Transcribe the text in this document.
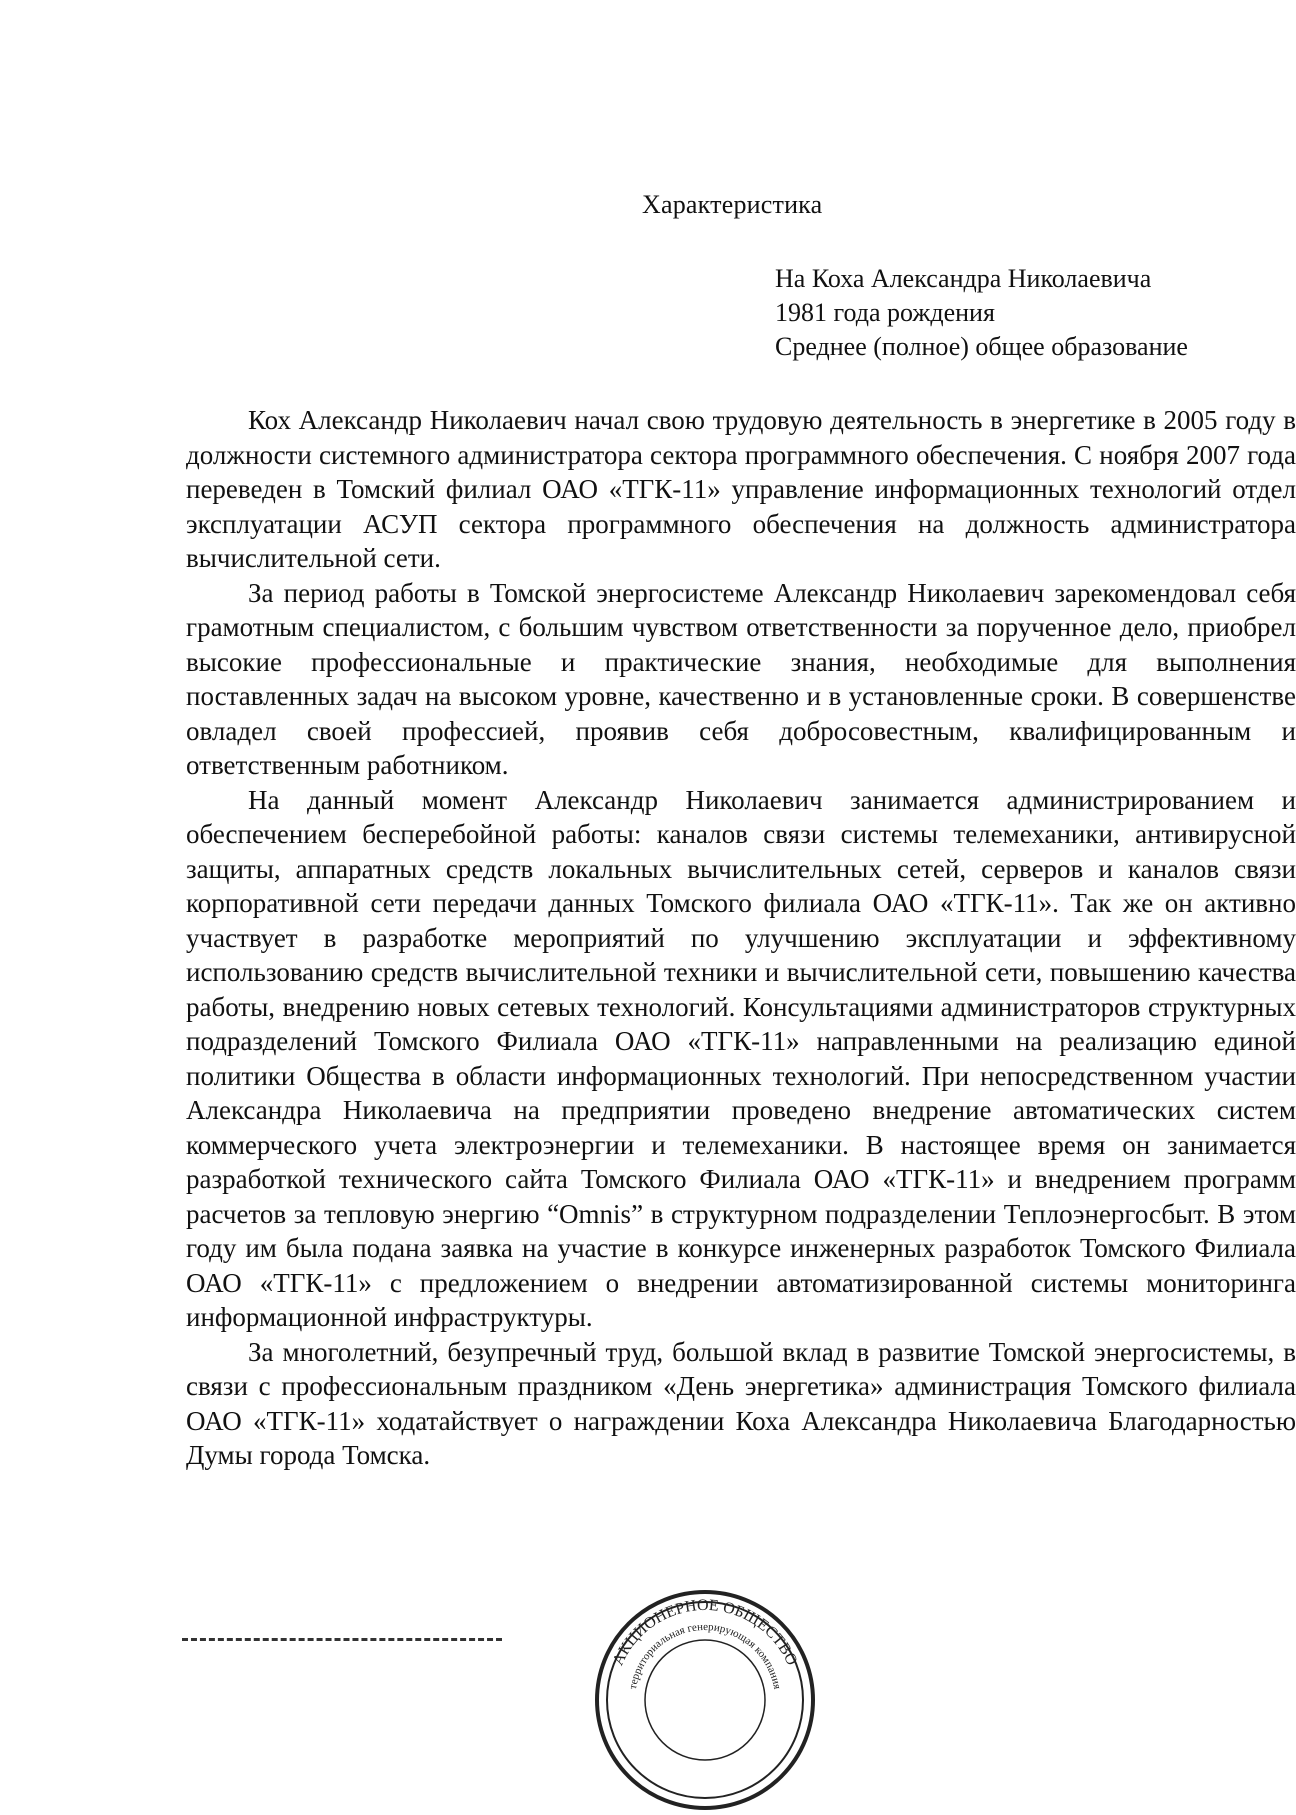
Характеристика
На Коха Александра Николаевича
1981 года рождения
Среднее (полное) общее образование

Кох Александр Николаевич начал свою трудовую деятельность в энергетике в 2005 году в должности системного администратора сектора программного обеспечения. С ноября 2007 года переведен в Томский филиал ОАО «ТГК-11» управление информационных технологий отдел эксплуатации АСУП сектора программного обеспечения на должность администратора вычислительной сети.

За период работы в Томской энергосистеме Александр Николаевич зарекомендовал себя грамотным специалистом, с большим чувством ответственности за порученное дело, приобрел высокие профессиональные и практические знания, необходимые для выполнения поставленных задач на высоком уровне, качественно и в установленные сроки. В совершенстве овладел своей профессией, проявив себя добросовестным, квалифицированным и ответственным работником.

На данный момент Александр Николаевич занимается администрированием и обеспечением бесперебойной работы: каналов связи системы телемеханики, антивирусной защиты, аппаратных средств локальных вычислительных сетей, серверов и каналов связи корпоративной сети передачи данных Томского филиала ОАО «ТГК-11». Так же он активно участвует в разработке мероприятий по улучшению эксплуатации и эффективному использованию средств вычислительной техники и вычислительной сети, повышению качества работы, внедрению новых сетевых технологий. Консультациями администраторов структурных подразделений Томского Филиала ОАО «ТГК-11» направленными на реализацию единой политики Общества в области информационных технологий. При непосредственном участии Александра Николаевича на предприятии проведено внедрение автоматических систем коммерческого учета электроэнергии и телемеханики. В настоящее время он занимается разработкой технического сайта Томского Филиала ОАО «ТГК-11» и внедрением программ расчетов за тепловую энергию “Omnis” в структурном подразделении Теплоэнергосбыт. В этом году им была подана заявка на участие в конкурсе инженерных разработок Томского Филиала ОАО «ТГК-11» с предложением о внедрении автоматизированной системы мониторинга информационной инфраструктуры.

За многолетний, безупречный труд, большой вклад в развитие Томской энергосистемы, в связи с профессиональным праздником «День энергетика» администрация Томского филиала ОАО «ТГК-11» ходатайствует о награждении Коха Александра Николаевича Благодарностью Думы города Томска.

АКЦИОНЕРНОЕ ОБЩЕСТВО
территориальная генерирующая компания
